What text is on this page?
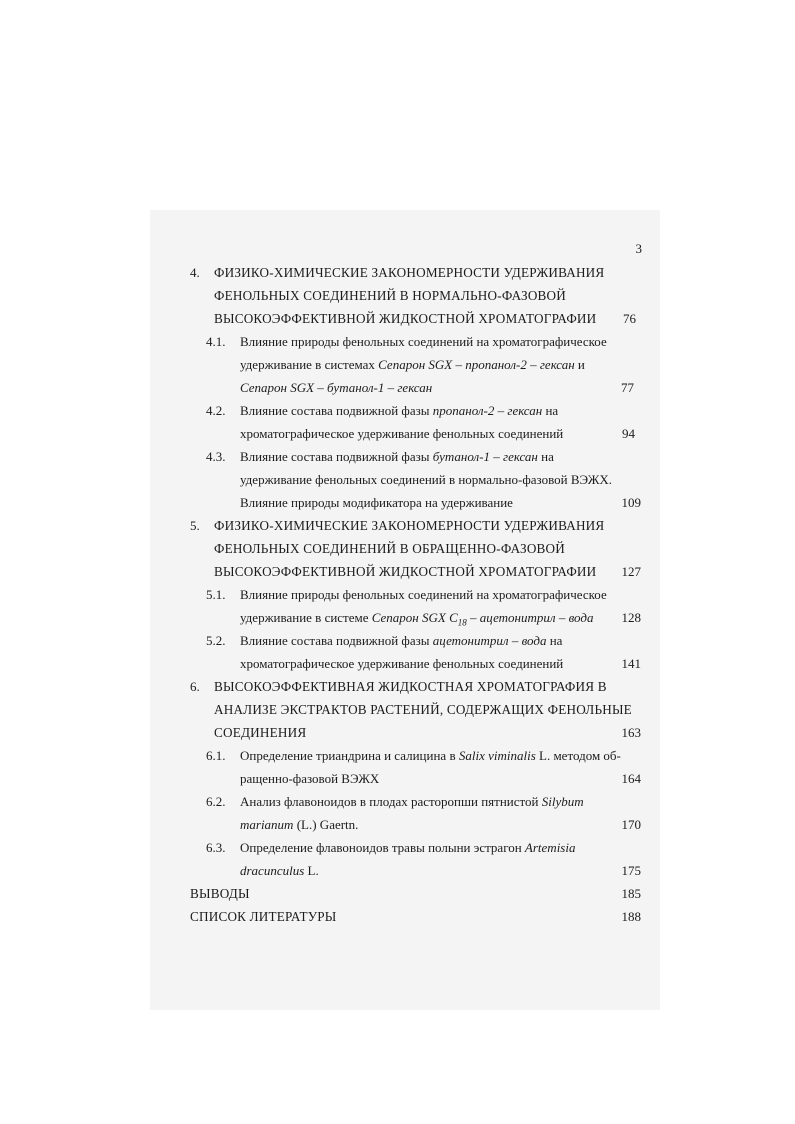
3
4. ФИЗИКО-ХИМИЧЕСКИЕ ЗАКОНОМЕРНОСТИ УДЕРЖИВАНИЯ
ФЕНОЛЬНЫХ СОЕДИНЕНИЙ В НОРМАЛЬНО-ФАЗОВОЙ
ВЫСОКОЭФФЕКТИВНОЙ ЖИДКОСТНОЙ ХРОМАТОГРАФИИ	76
4.1. Влияние природы фенольных соединений на хроматографическое
удерживание в системах Сепарон SGX – пропанол-2 – гексан и
Сепарон SGX – бутанол-1 – гексан	77
4.2. Влияние состава подвижной фазы пропанол-2 – гексан на
хроматографическое удерживание фенольных соединений	94
4.3. Влияние состава подвижной фазы бутанол-1 – гексан на
удерживание фенольных соединений в нормально-фазовой ВЭЖХ.
Влияние природы модификатора на удерживание	109
5. ФИЗИКО-ХИМИЧЕСКИЕ ЗАКОНОМЕРНОСТИ УДЕРЖИВАНИЯ
ФЕНОЛЬНЫХ СОЕДИНЕНИЙ В ОБРАЩЕННО-ФАЗОВОЙ
ВЫСОКОЭФФЕКТИВНОЙ ЖИДКОСТНОЙ ХРОМАТОГРАФИИ	127
5.1. Влияние природы фенольных соединений на хроматографическое
удерживание в системе Сепарон SGX $C_{18}$ – ацетонитрил – вода	128
5.2. Влияние состава подвижной фазы ацетонитрил – вода на
хроматографическое удерживание фенольных соединений	141
6. ВЫСОКОЭФФЕКТИВНАЯ ЖИДКОСТНАЯ ХРОМАТОГРАФИЯ В
АНАЛИЗЕ ЭКСТРАКТОВ РАСТЕНИЙ, СОДЕРЖАЩИХ ФЕНОЛЬНЫЕ
СОЕДИНЕНИЯ	163
6.1. Определение триандрина и салицина в Salix viminalis L. методом об-
ращенно-фазовой ВЭЖХ	164
6.2. Анализ флавоноидов в плодах расторопши пятнистой Silybum
marianum (L.) Gaertn.	170
6.3. Определение флавоноидов травы полыни эстрагон Artemisia
dracunculus L.	175
ВЫВОДЫ	185
СПИСОК ЛИТЕРАТУРЫ	188
